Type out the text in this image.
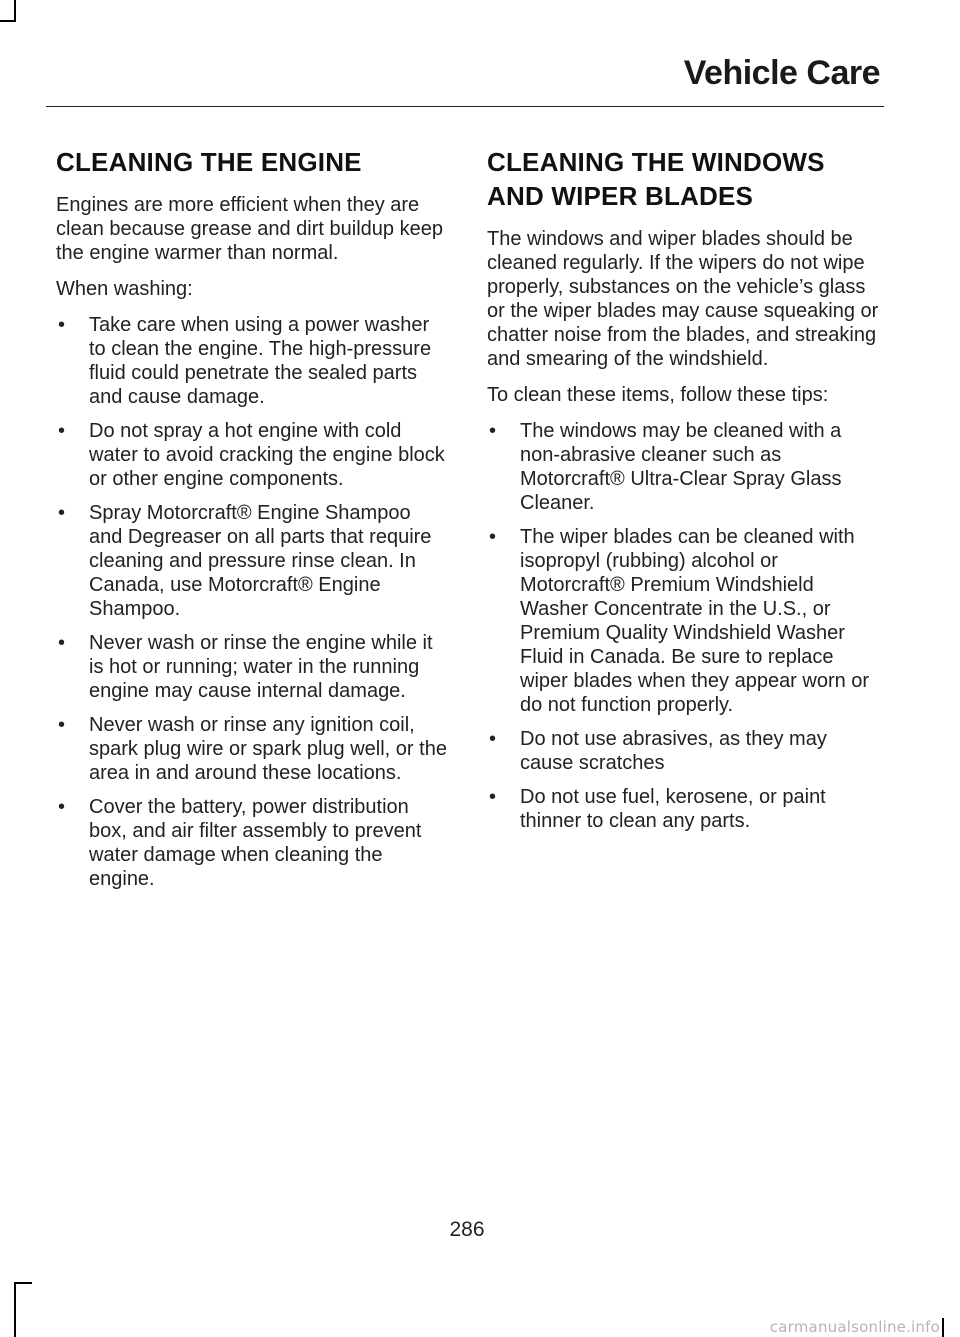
Vehicle Care
CLEANING THE ENGINE

Engines are more efficient when they are clean because grease and dirt buildup keep the engine warmer than normal.

When washing:

•	Take care when using a power washer to clean the engine. The high-pressure fluid could penetrate the sealed parts and cause damage.
•	Do not spray a hot engine with cold water to avoid cracking the engine block or other engine components.
•	Spray Motorcraft® Engine Shampoo and Degreaser on all parts that require cleaning and pressure rinse clean. In Canada, use Motorcraft® Engine Shampoo.
•	Never wash or rinse the engine while it is hot or running; water in the running engine may cause internal damage.
•	Never wash or rinse any ignition coil, spark plug wire or spark plug well, or the area in and around these locations.
•	Cover the battery, power distribution box, and air filter assembly to prevent water damage when cleaning the engine.
CLEANING THE WINDOWS AND WIPER BLADES

The windows and wiper blades should be cleaned regularly. If the wipers do not wipe properly, substances on the vehicle’s glass or the wiper blades may cause squeaking or chatter noise from the blades, and streaking and smearing of the windshield.

To clean these items, follow these tips:

•	The windows may be cleaned with a non-abrasive cleaner such as Motorcraft® Ultra-Clear Spray Glass Cleaner.
•	The wiper blades can be cleaned with isopropyl (rubbing) alcohol or Motorcraft® Premium Windshield Washer Concentrate in the U.S., or Premium Quality Windshield Washer Fluid in Canada. Be sure to replace wiper blades when they appear worn or do not function properly.
•	Do not use abrasives, as they may cause scratches
•	Do not use fuel, kerosene, or paint thinner to clean any parts.

286

carmanualsonline.info
